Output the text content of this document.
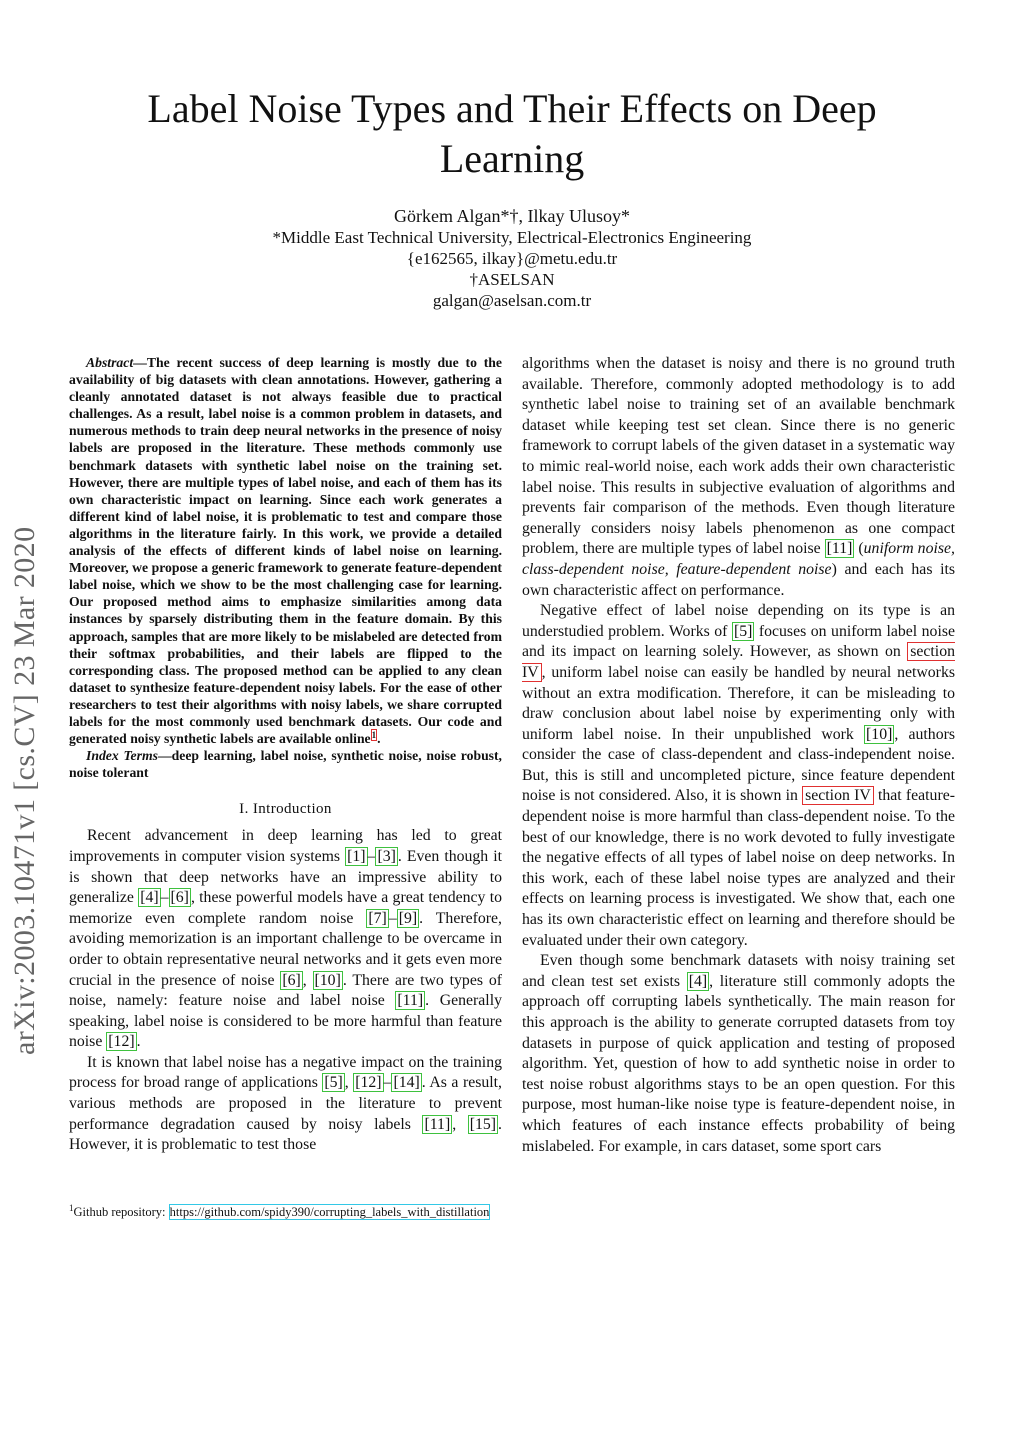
Label Noise Types and Their Effects on Deep Learning
Görkem Algan*†, Ilkay Ulusoy*
*Middle East Technical University, Electrical-Electronics Engineering
{e162565, ilkay}@metu.edu.tr
†ASELSAN
galgan@aselsan.com.tr
arXiv:2003.10471v1 [cs.CV] 23 Mar 2020

Abstract—The recent success of deep learning is mostly due to the availability of big datasets with clean annotations. However, gathering a cleanly annotated dataset is not always feasible due to practical challenges. As a result, label noise is a common problem in datasets, and numerous methods to train deep neural networks in the presence of noisy labels are proposed in the literature. These methods commonly use benchmark datasets with synthetic label noise on the training set. However, there are multiple types of label noise, and each of them has its own characteristic impact on learning. Since each work generates a different kind of label noise, it is problematic to test and compare those algorithms in the literature fairly. In this work, we provide a detailed analysis of the effects of different kinds of label noise on learning. Moreover, we propose a generic framework to generate feature-dependent label noise, which we show to be the most challenging case for learning. Our proposed method aims to emphasize similarities among data instances by sparsely distributing them in the feature domain. By this approach, samples that are more likely to be mislabeled are detected from their softmax probabilities, and their labels are flipped to the corresponding class. The proposed method can be applied to any clean dataset to synthesize feature-dependent noisy labels. For the ease of other researchers to test their algorithms with noisy labels, we share corrupted labels for the most commonly used benchmark datasets. Our code and generated noisy synthetic labels are available online$^1$.

Index Terms—deep learning, label noise, synthetic noise, noise robust, noise tolerant

I. Introduction

Recent advancement in deep learning has led to great improvements in computer vision systems [1] – [3] . Even though it is shown that deep networks have an impressive ability to generalize [4] – [6] , these powerful models have a great tendency to memorize even complete random noise [7] – [9] . Therefore, avoiding memorization is an important challenge to be overcame in order to obtain representative neural networks and it gets even more crucial in the presence of noise [6] , [10] . There are two types of noise, namely: feature noise and label noise [11] . Generally speaking, label noise is considered to be more harmful than feature noise [12] .

It is known that label noise has a negative impact on the training process for broad range of applications [5] , [12] – [14] . As a result, various methods are proposed in the literature to prevent performance degradation caused by noisy labels [11] , [15] . However, it is problematic to test those

$^1$Github repository: https://github.com/spidy390/corrupting_labels_with_distillation

algorithms when the dataset is noisy and there is no ground truth available. Therefore, commonly adopted methodology is to add synthetic label noise to training set of an available benchmark dataset while keeping test set clean. Since there is no generic framework to corrupt labels of the given dataset in a systematic way to mimic real-world noise, each work adds their own characteristic label noise. This results in subjective evaluation of algorithms and prevents fair comparison of the methods. Even though literature generally considers noisy labels phenomenon as one compact problem, there are multiple types of label noise [11] (uniform noise, class-dependent noise, feature-dependent noise) and each has its own characteristic affect on performance.

Negative effect of label noise depending on its type is an understudied problem. Works of [5] focuses on uniform label noise and its impact on learning solely. However, as shown on section IV , uniform label noise can easily be handled by neural networks without an extra modification. Therefore, it can be misleading to draw conclusion about label noise by experimenting only with uniform label noise. In their unpublished work [10] , authors consider the case of class-dependent and class-independent noise. But, this is still and uncompleted picture, since feature dependent noise is not considered. Also, it is shown in section IV that feature-dependent noise is more harmful than class-dependent noise. To the best of our knowledge, there is no work devoted to fully investigate the negative effects of all types of label noise on deep networks. In this work, each of these label noise types are analyzed and their effects on learning process is investigated. We show that, each one has its own characteristic effect on learning and therefore should be evaluated under their own category.

Even though some benchmark datasets with noisy training set and clean test set exists [4] , literature still commonly adopts the approach off corrupting labels synthetically. The main reason for this approach is the ability to generate corrupted datasets from toy datasets in purpose of quick application and testing of proposed algorithm. Yet, question of how to add synthetic noise in order to test noise robust algorithms stays to be an open question. For this purpose, most human-like noise type is feature-dependent noise, in which features of each instance effects probability of being mislabeled. For example, in cars dataset, some sport cars
